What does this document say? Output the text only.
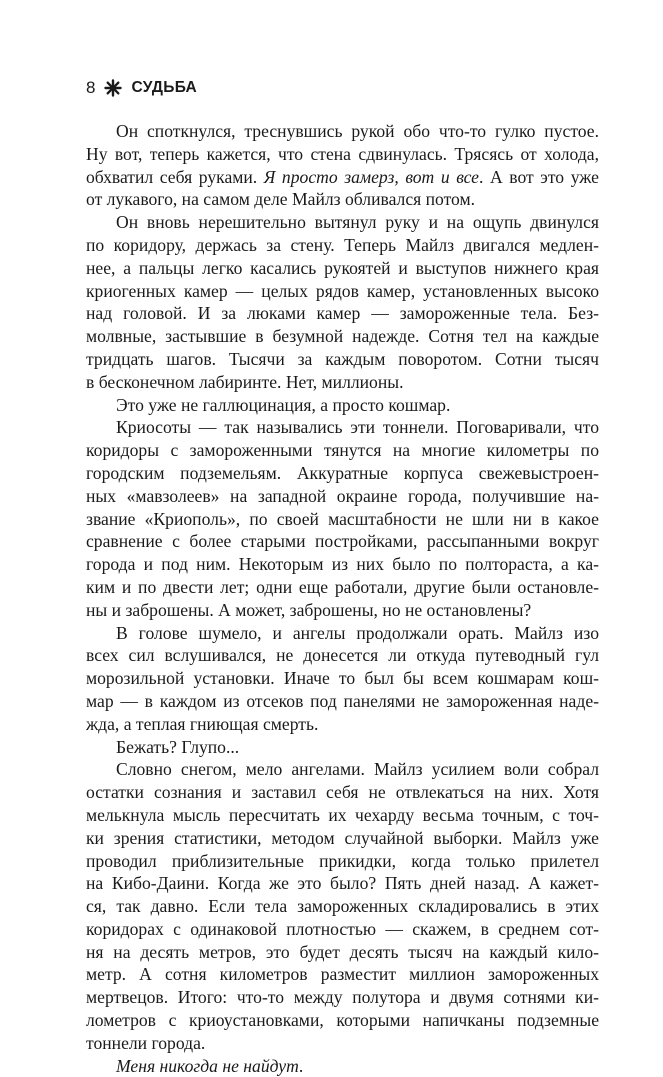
8 СУДЬБА
Он споткнулся, треснувшись рукой обо что-то гулко пустое.
Ну вот, теперь кажется, что стена сдвинулась. Трясясь от холода,
обхватил себя руками. Я просто замерз, вот и все. А вот это уже
от лукавого, на самом деле Майлз обливался потом.
Он вновь нерешительно вытянул руку и на ощупь двинулся
по коридору, держась за стену. Теперь Майлз двигался медлен-
нее, а пальцы легко касались рукоятей и выступов нижнего края
криогенных камер — целых рядов камер, установленных высоко
над головой. И за люками камер — замороженные тела. Без-
молвные, застывшие в безумной надежде. Сотня тел на каждые
тридцать шагов. Тысячи за каждым поворотом. Сотни тысяч
в бесконечном лабиринте. Нет, миллионы.
Это уже не галлюцинация, а просто кошмар.
Криосоты — так назывались эти тоннели. Поговаривали, что
коридоры с замороженными тянутся на многие километры по
городским подземельям. Аккуратные корпуса свежевыстроен-
ных «мавзолеев» на западной окраине города, получившие на-
звание «Криополь», по своей масштабности не шли ни в какое
сравнение с более старыми постройками, рассыпанными вокруг
города и под ним. Некоторым из них было по полтораста, а ка-
ким и по двести лет; одни еще работали, другие были остановле-
ны и заброшены. А может, заброшены, но не остановлены?
В голове шумело, и ангелы продолжали орать. Майлз изо
всех сил вслушивался, не донесется ли откуда путеводный гул
морозильной установки. Иначе то был бы всем кошмарам кош-
мар — в каждом из отсеков под панелями не замороженная наде-
жда, а теплая гниющая смерть.
Бежать? Глупо...
Словно снегом, мело ангелами. Майлз усилием воли собрал
остатки сознания и заставил себя не отвлекаться на них. Хотя
мелькнула мысль пересчитать их чехарду весьма точным, с точ-
ки зрения статистики, методом случайной выборки. Майлз уже
проводил приблизительные прикидки, когда только прилетел
на Кибо-Даини. Когда же это было? Пять дней назад. А кажет-
ся, так давно. Если тела замороженных складировались в этих
коридорах с одинаковой плотностью — скажем, в среднем сот-
ня на десять метров, это будет десять тысяч на каждый кило-
метр. А сотня километров разместит миллион замороженных
мертвецов. Итого: что-то между полутора и двумя сотнями ки-
лометров с криоустановками, которыми напичканы подземные
тоннели города.
Меня никогда не найдут.
